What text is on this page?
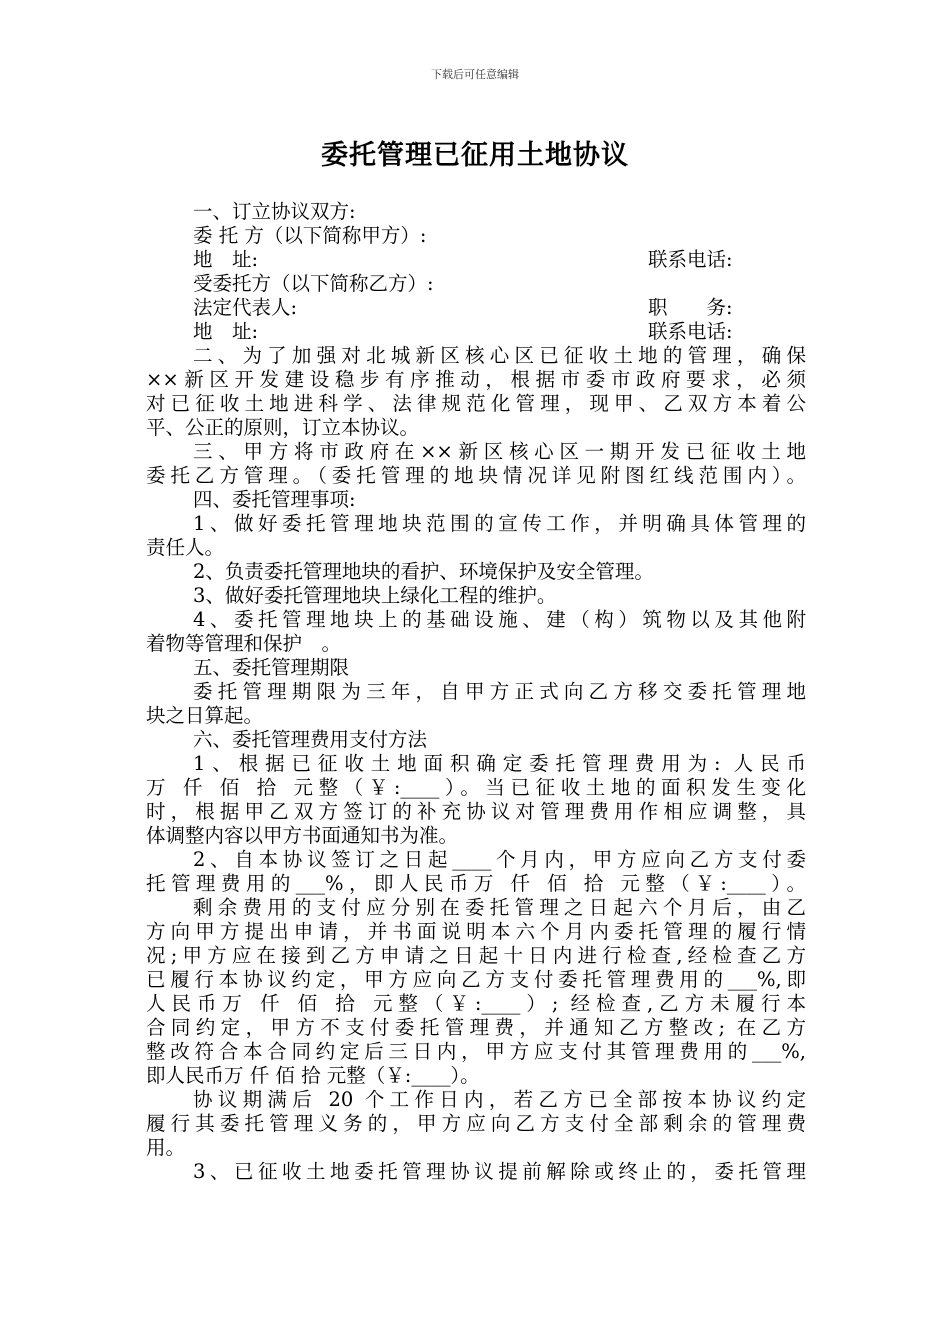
下载后可任意编辑
委托管理已征用土地协议
一、订立协议双方:
委 托 方（以下简称甲方）:
地　址:	联系电话:
受委托方（以下简称乙方）:
法定代表人:	职　　务:
地　址:	联系电话:
二、为了加强对北城新区核心区已征收土地的管理，确保
××新区开发建设稳步有序推动，根据市委市政府要求，必须
对已征收土地进科学、法律规范化管理，现甲、乙双方本着公
平、公正的原则，订立本协议。
三、甲方将市政府在××新区核心区一期开发已征收土地
委托乙方管理。（委托管理的地块情况详见附图红线范围内）。
四、委托管理事项:
1、做好委托管理地块范围的宣传工作，并明确具体管理的
责任人。
2、负责委托管理地块的看护、环境保护及安全管理。
3、做好委托管理地块上绿化工程的维护。
4、委托管理地块上的基础设施、建（构）筑物以及其他附
着物等管理和保护　。
五、委托管理期限
委托管理期限为三年，自甲方正式向乙方移交委托管理地
块之日算起。
六、委托管理费用支付方法
1、根据已征收土地面积确定委托管理费用为: 人民币
万 仟 佰 拾 元整（￥:____）。当已征收土地的面积发生变化
时，根据甲乙双方签订的补充协议对管理费用作相应调整，具
体调整内容以甲方书面通知书为准。
2、自本协议签订之日起____个月内，甲方应向乙方支付委
托管理费用的___%，即人民币万 仟 佰 拾 元整（￥:____）。
剩余费用的支付应分别在委托管理之日起六个月后，由乙
方向甲方提出申请，并书面说明本六个月内委托管理的履行情
况;甲方应在接到乙方申请之日起十日内进行检查,经检查乙方
已履行本协议约定，甲方应向乙方支付委托管理费用的___%,即
人民币万 仟 佰 拾 元整（￥:____）; 经检查,乙方未履行本
合同约定，甲方不支付委托管理费，并通知乙方整改; 在乙方
整改符合本合同约定后三日内，甲方应支付其管理费用的___%,
即人民币万 仟 佰 拾 元整（￥:____）。
协议期满后 20 个工作日内，若乙方已全部按本协议约定
履行其委托管理义务的，甲方应向乙方支付全部剩余的管理费
用。
3、已征收土地委托管理协议提前解除或终止的，委托管理
